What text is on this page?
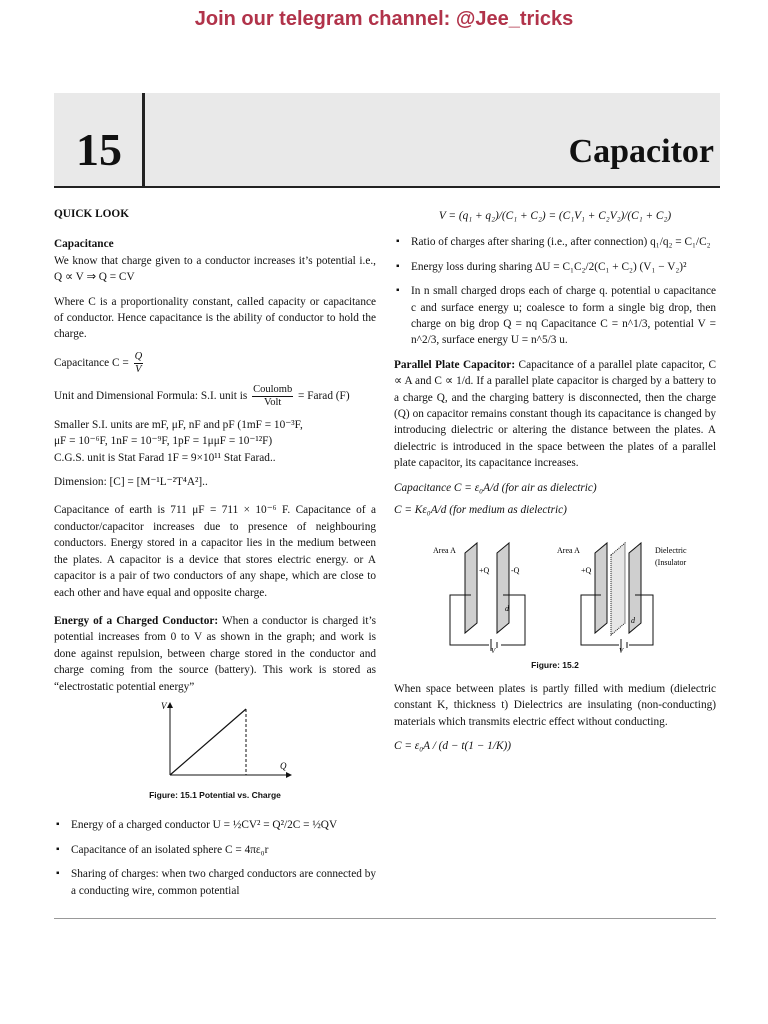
Join our telegram channel: @Jee_tricks
15	Capacitor

QUICK LOOK

Capacitance

We know that charge given to a conductor increases it’s potential i.e., Q ∝ V ⇒ Q = CV

Where C is a proportionality constant, called capacity or capacitance of conductor. Hence capacitance is the ability of conductor to hold the charge.

Capacitance $C = \frac{Q}{V}$

Unit and Dimensional Formula: S.I. unit is $\frac{\text{Coulomb}}{\text{Volt}}$ = Farad (F)

Smaller S.I. units are mF, μF, nF and pF (1mF = 10⁻³F,
μF = 10⁻⁶F, 1nF = 10⁻⁹F, 1pF = 1μμF = 10⁻¹²F)

C.G.S. unit is Stat Farad 1F = 9×10¹¹ Stat Farad..

Dimension: [C] = [M⁻¹L⁻²T⁴A²]..

Capacitance of earth is 711 μF = 711 × 10⁻⁶ F. Capacitance of a conductor/capacitor increases due to presence of neighbouring conductors. Energy stored in a capacitor lies in the medium between the plates. A capacitor is a device that stores electric energy. or A capacitor is a pair of two conductors of any shape, which are close to each other and have equal and opposite charge.

Energy of a Charged Conductor: When a conductor is charged it’s potential increases from 0 to V as shown in the graph; and work is done against repulsion, between charge stored in the conductor and charge coming from the source (battery). This work is stored as “electrostatic potential energy”

V
Q

Figure: 15.1 Potential vs. Charge

▪ Energy of a charged conductor U = ½CV² = Q²/2C = ½QV
▪ Capacitance of an isolated sphere C = 4πε₀r
▪ Sharing of charges: when two charged conductors are connected by a conducting wire, common potential

V = (q₁ + q₂)/(C₁ + C₂) = (C₁V₁ + C₂V₂)/(C₁ + C₂)

▪ Ratio of charges after sharing (i.e., after connection) q₁/q₂ = C₁/C₂
▪ Energy loss during sharing ΔU = C₁C₂/2(C₁ + C₂) (V₁ − V₂)²
▪ In n small charged drops each of charge q. potential υ capacitance c and surface energy u; coalesce to form a single big drop, then charge on big drop Q = nq Capacitance C = n^1/3, potential V = n^2/3, surface energy U = n^5/3 u.

Parallel Plate Capacitor: Capacitance of a parallel plate capacitor, C ∝ A and C ∝ 1/d. If a parallel plate capacitor is charged by a battery to a charge Q, and the charging battery is disconnected, then the charge (Q) on capacitor remains constant though its capacitance is changed by introducing dielectric or altering the distance between the plates. A dielectric is introduced in the space between the plates of a parallel plate capacitor, its capacitance increases.

Capacitance C = ε₀A/d (for air as dielectric)

C = Kε₀A/d (for medium as dielectric)

Area A
+Q	-Q
d
V
Area A
+Q
Dielectric
(Insulator
d
V

Figure: 15.2

When space between plates is partly filled with medium (dielectric constant K, thickness t) Dielectrics are insulating (non-conducting) materials which transmits electric effect without conducting.

C = ε₀A / (d − t(1 − 1/K))
